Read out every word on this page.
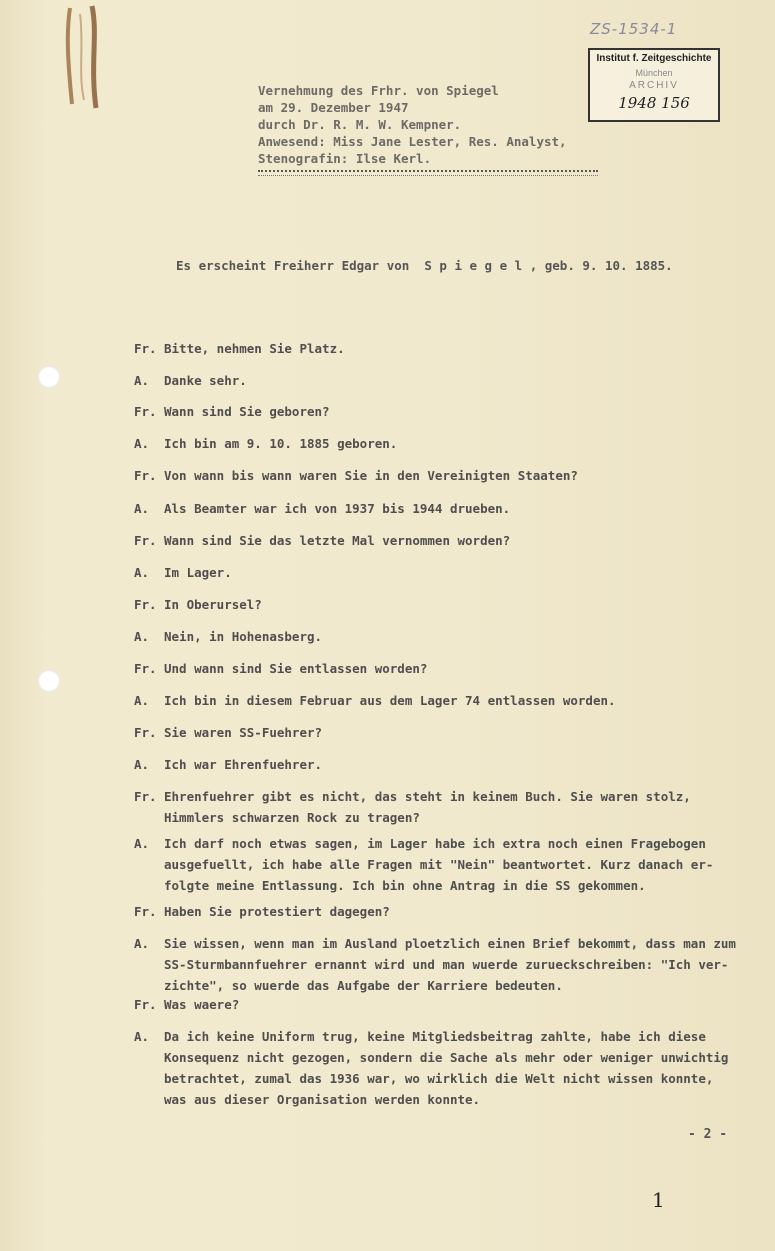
ZS-1534-1
Institut f. Zeitgeschichte
München
ARCHIV
1948 156
Vernehmung des Frhr. von Spiegel
am 29. Dezember 1947
durch Dr. R. M. W. Kempner.
Anwesend: Miss Jane Lester, Res. Analyst,
Stenografin: Ilse Kerl.
Es erscheint Freiherr Edgar von  S p i e g e l , geb. 9. 10. 1885.
Fr. Bitte, nehmen Sie Platz.
A. Danke sehr.
Fr. Wann sind Sie geboren?
A. Ich bin am 9. 10. 1885 geboren.
Fr. Von wann bis wann waren Sie in den Vereinigten Staaten?
A. Als Beamter war ich von 1937 bis 1944 drueben.
Fr. Wann sind Sie das letzte Mal vernommen worden?
A. Im Lager.
Fr. In Oberursel?
A. Nein, in Hohenasberg.
Fr. Und wann sind Sie entlassen worden?
A. Ich bin in diesem Februar aus dem Lager 74 entlassen worden.
Fr. Sie waren SS-Fuehrer?
A. Ich war Ehrenfuehrer.
Fr. Ehrenfuehrer gibt es nicht, das steht in keinem Buch. Sie waren stolz,
Himmlers schwarzen Rock zu tragen?
A. Ich darf noch etwas sagen, im Lager habe ich extra noch einen Fragebogen
ausgefuellt, ich habe alle Fragen mit "Nein" beantwortet. Kurz danach er-
folgte meine Entlassung. Ich bin ohne Antrag in die SS gekommen.
Fr. Haben Sie protestiert dagegen?
A. Sie wissen, wenn man im Ausland ploetzlich einen Brief bekommt, dass man zum
SS-Sturmbannfuehrer ernannt wird und man wuerde zurueckschreiben: "Ich ver-
zichte", so wuerde das Aufgabe der Karriere bedeuten.
Fr. Was waere?
A. Da ich keine Uniform trug, keine Mitgliedsbeitrag zahlte, habe ich diese
Konsequenz nicht gezogen, sondern die Sache als mehr oder weniger unwichtig
betrachtet, zumal das 1936 war, wo wirklich die Welt nicht wissen konnte,
was aus dieser Organisation werden konnte.
- 2 -
1
